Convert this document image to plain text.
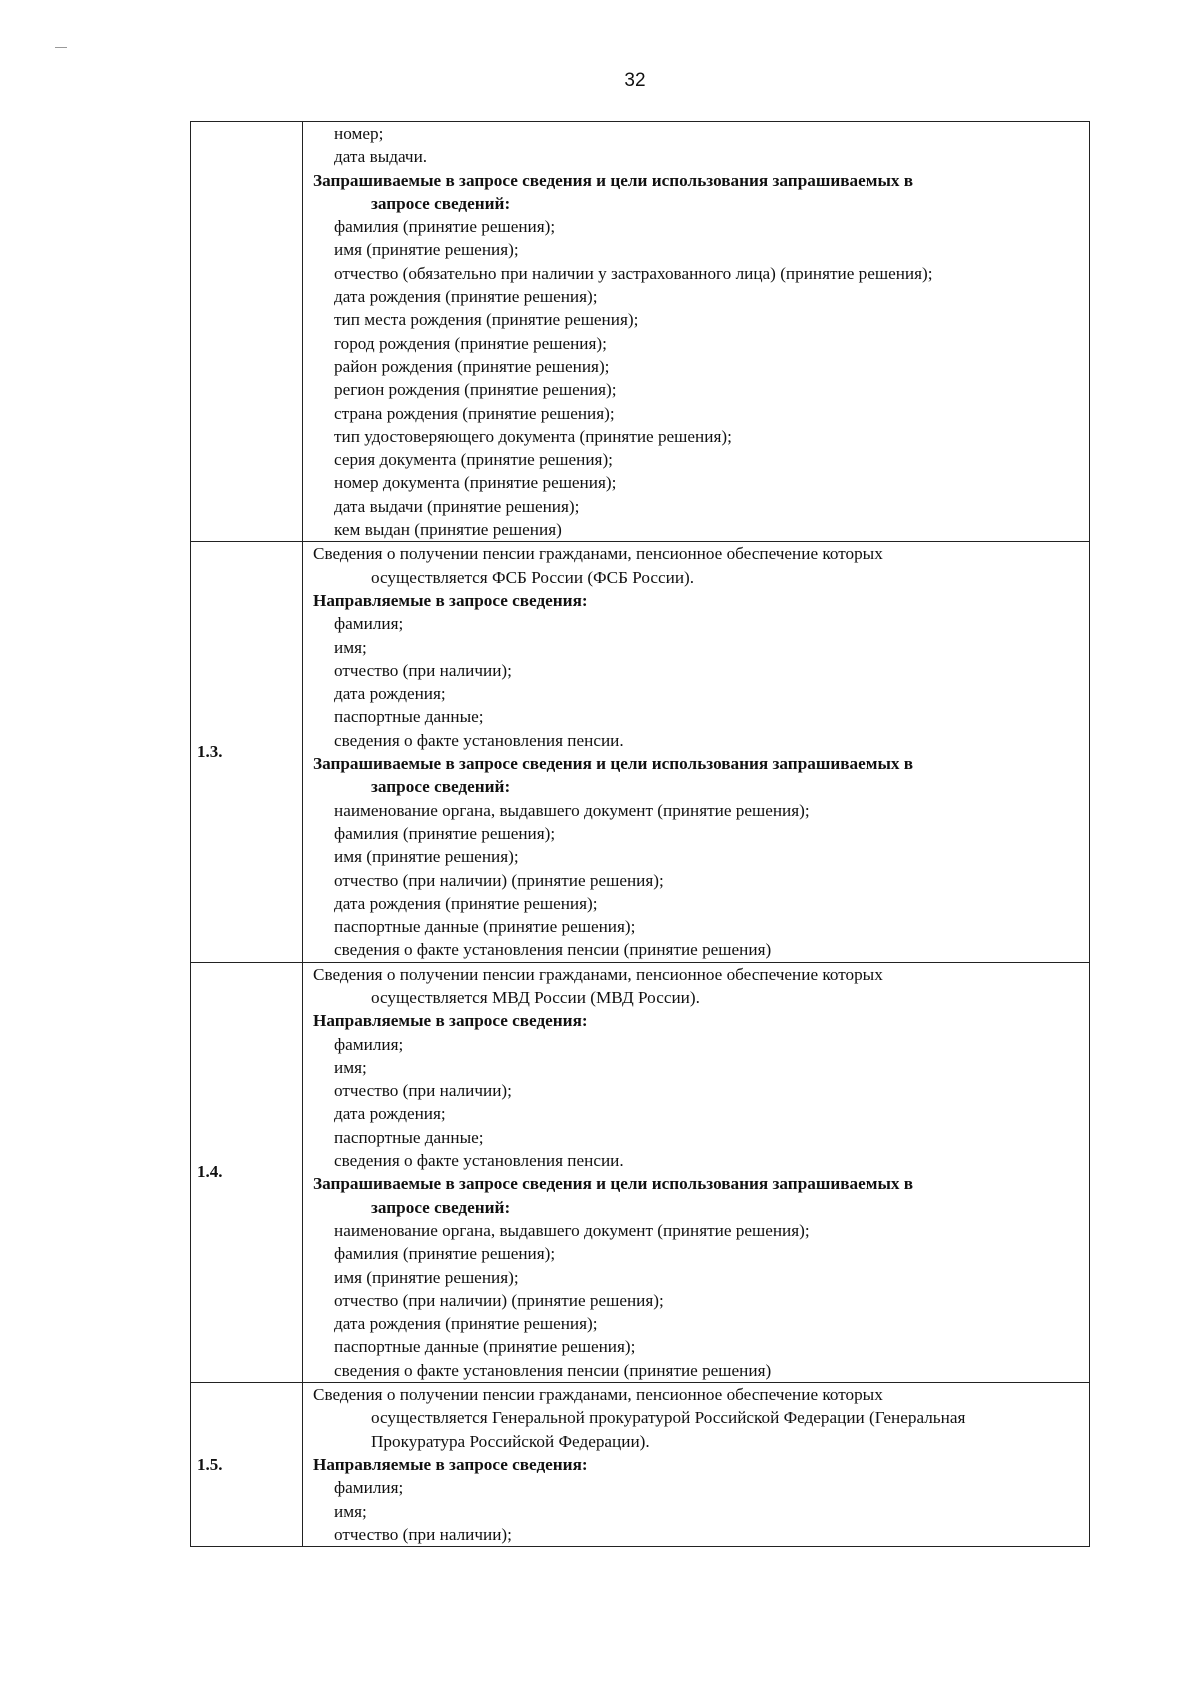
32
номер;
дата выдачи.
Запрашиваемые в запросе сведения и цели использования запрашиваемых в
запросе сведений:
фамилия (принятие решения);
имя (принятие решения);
отчество (обязательно при наличии у застрахованного лица) (принятие решения);
дата рождения (принятие решения);
тип места рождения (принятие решения);
город рождения (принятие решения);
район рождения (принятие решения);
регион рождения (принятие решения);
страна рождения (принятие решения);
тип удостоверяющего документа (принятие решения);
серия документа (принятие решения);
номер документа (принятие решения);
дата выдачи (принятие решения);
кем выдан (принятие решения)
1.3.
Сведения о получении пенсии гражданами, пенсионное обеспечение которых
осуществляется ФСБ России (ФСБ России).
Направляемые в запросе сведения:
фамилия;
имя;
отчество (при наличии);
дата рождения;
паспортные данные;
сведения о факте установления пенсии.
Запрашиваемые в запросе сведения и цели использования запрашиваемых в
запросе сведений:
наименование органа, выдавшего документ (принятие решения);
фамилия (принятие решения);
имя (принятие решения);
отчество (при наличии) (принятие решения);
дата рождения (принятие решения);
паспортные данные (принятие решения);
сведения о факте установления пенсии (принятие решения)
1.4.
Сведения о получении пенсии гражданами, пенсионное обеспечение которых
осуществляется МВД России (МВД России).
Направляемые в запросе сведения:
фамилия;
имя;
отчество (при наличии);
дата рождения;
паспортные данные;
сведения о факте установления пенсии.
Запрашиваемые в запросе сведения и цели использования запрашиваемых в
запросе сведений:
наименование органа, выдавшего документ (принятие решения);
фамилия (принятие решения);
имя (принятие решения);
отчество (при наличии) (принятие решения);
дата рождения (принятие решения);
паспортные данные (принятие решения);
сведения о факте установления пенсии (принятие решения)
1.5.
Сведения о получении пенсии гражданами, пенсионное обеспечение которых
осуществляется Генеральной прокуратурой Российской Федерации (Генеральная
Прокуратура Российской Федерации).
Направляемые в запросе сведения:
фамилия;
имя;
отчество (при наличии);
